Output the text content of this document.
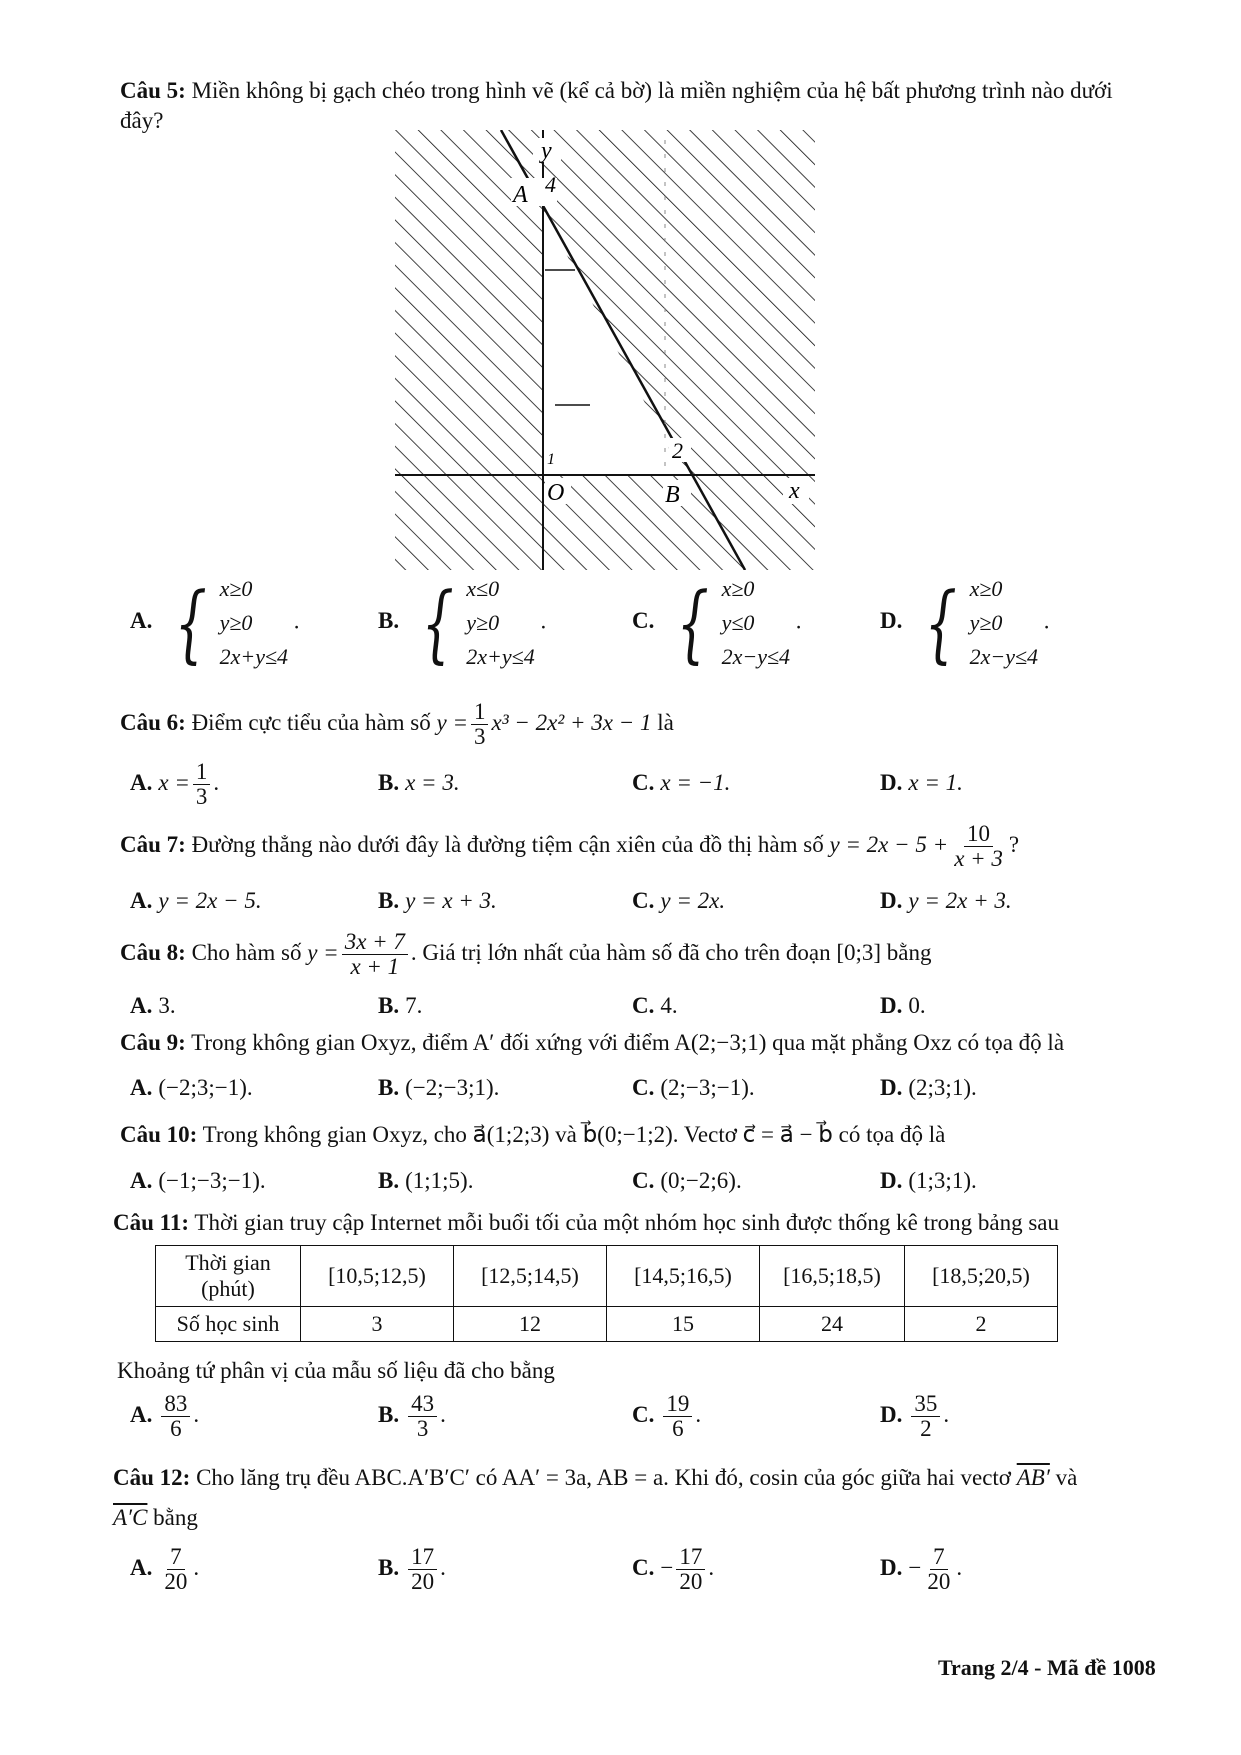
Câu 5: Miền không bị gạch chéo trong hình vẽ (kể cả bờ) là miền nghiệm của hệ bất phương trình nào dưới
đây?
y
A 4
1
O
2
B	x
A. { x≥0
y≥0
2x+y≤4
.	B. { x≤0
y≥0
2x+y≤4
.	C. { x≥0
y≤0
2x−y≤4
.	D. { x≥0
y≥0
2x−y≤4
.
Câu 6: Điểm cực tiểu của hàm số $y = \frac{1}{3} x^3 - 2x^2 + 3x - 1$ là
A. $x = \frac{1}{3}$ .	B. x = 3.	C. x = −1.	D. x = 1.
Câu 7: Đường thẳng nào dưới đây là đường tiệm cận xiên của đồ thị hàm số $y = 2x - 5 + \frac{10}{x + 3}$ ?
A. y = 2x − 5.	B. y = x + 3.	C. y = 2x.	D. y = 2x + 3.
Câu 8: Cho hàm số $y = \frac{3x + 7}{x + 1}$ . Giá trị lớn nhất của hàm số đã cho trên đoạn [0;3] bằng
A. 3.	B. 7.	C. 4.	D. 0.
Câu 9: Trong không gian Oxyz, điểm A′ đối xứng với điểm A(2;−3;1) qua mặt phẳng Oxz có tọa độ là
A. (−2;3;−1).	B. (−2;−3;1).	C. (2;−3;−1).	D. (2;3;1).
Câu 10: Trong không gian Oxyz, cho a⃗(1;2;3) và b⃗(0;−1;2). Vectơ c⃗ = a⃗ − b⃗ có tọa độ là
A. (−1;−3;−1).	B. (1;1;5).	C. (0;−2;6).	D. (1;3;1).
Câu 11: Thời gian truy cập Internet mỗi buổi tối của một nhóm học sinh được thống kê trong bảng sau
Thời gian
(phút)	[10,5;12,5)	[12,5;14,5)	[14,5;16,5)	[16,5;18,5)	[18,5;20,5)
Số học sinh	3	12	15	24	2
Khoảng tứ phân vị của mẫu số liệu đã cho bằng
A. $\frac{83}{6}$ .	B. $\frac{43}{3}$ .	C. $\frac{19}{6}$ .	D. $\frac{35}{2}$ .
Câu 12: Cho lăng trụ đều ABC.A′B′C′ có AA′ = 3a, AB = a. Khi đó, cosin của góc giữa hai vectơ AB′ và
A′C bằng
A. $\frac{7}{20}$ .	B. $\frac{17}{20}$ .	C. − $\frac{17}{20}$ .	D. − $\frac{7}{20}$ .
Trang 2/4 - Mã đề 1008
